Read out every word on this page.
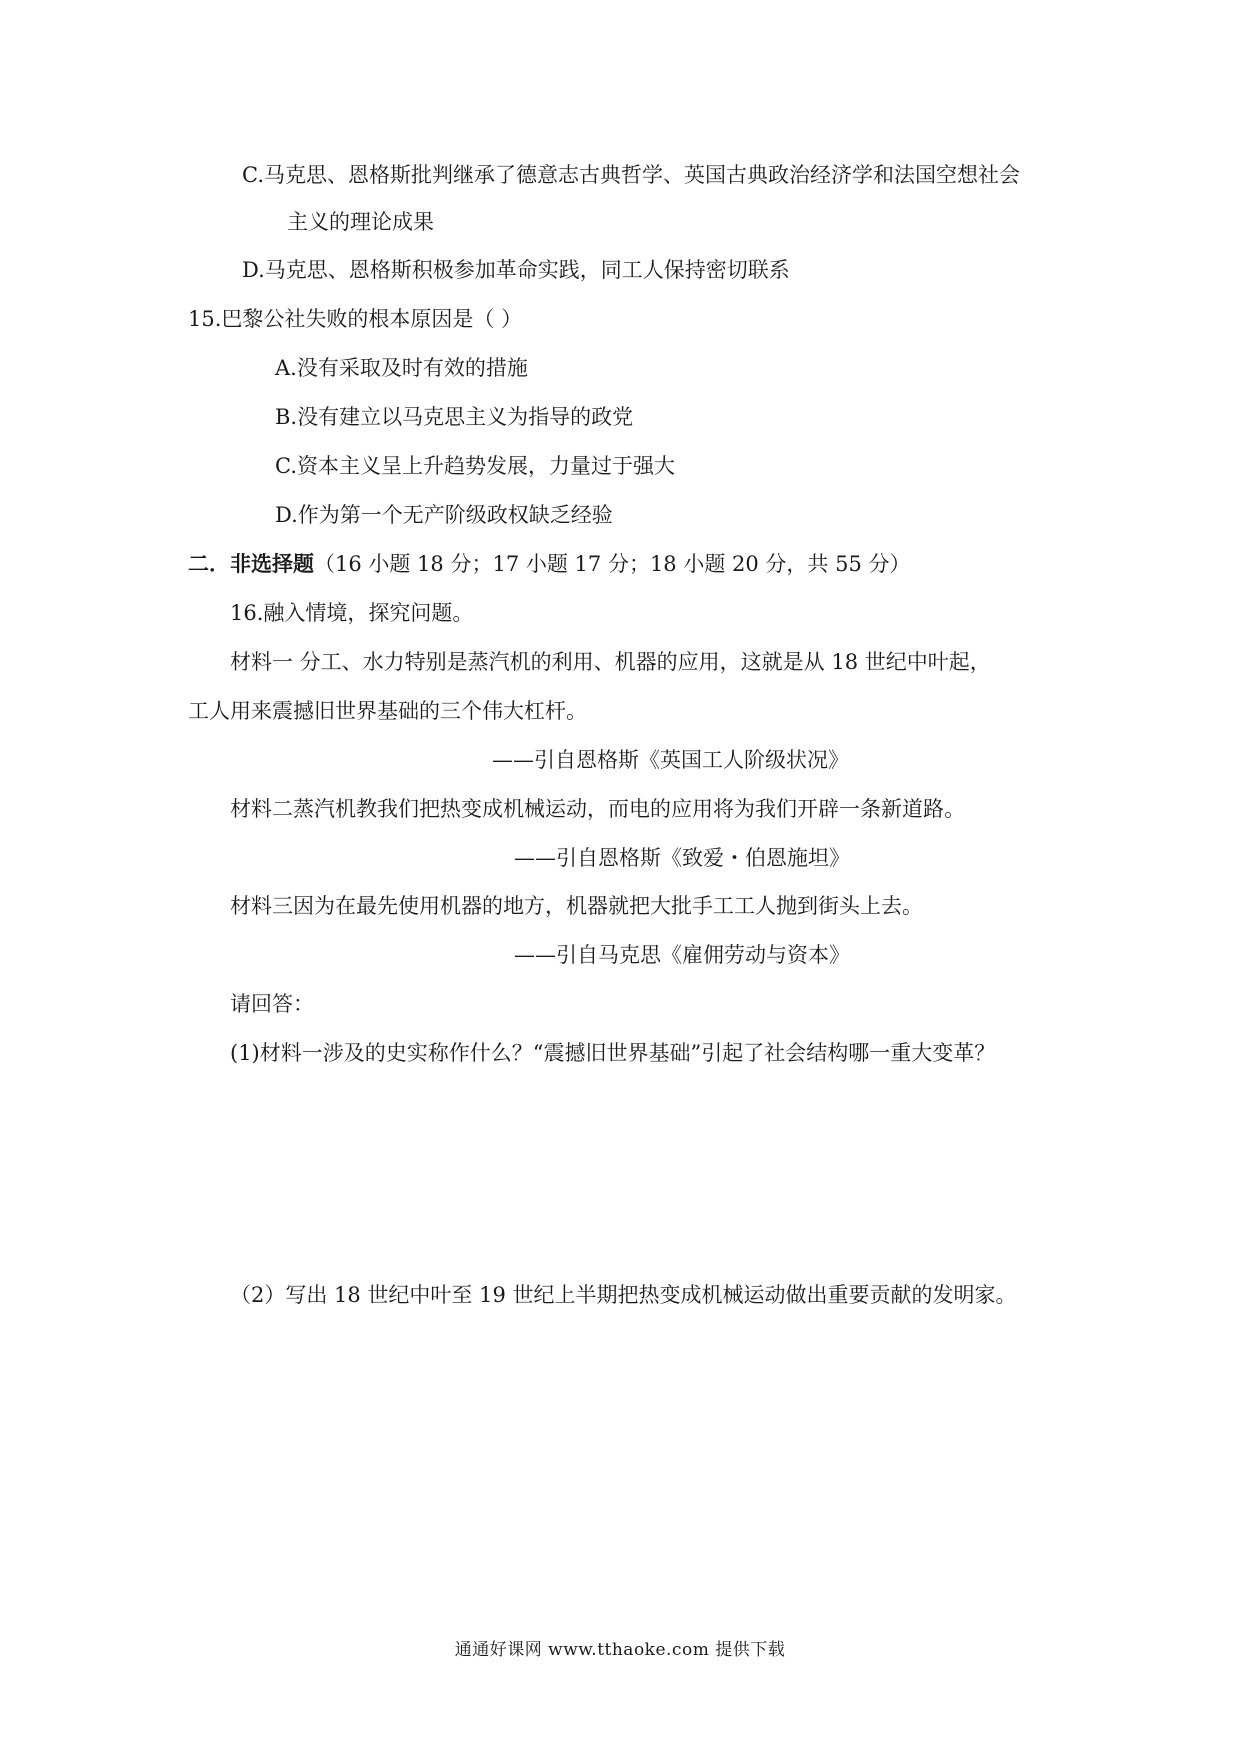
C.马克思、恩格斯批判继承了德意志古典哲学、英国古典政治经济学和法国空想社会
主义的理论成果
D.马克思、恩格斯积极参加革命实践，同工人保持密切联系
15.巴黎公社失败的根本原因是（ ）
A.没有采取及时有效的措施
B.没有建立以马克思主义为指导的政党
C.资本主义呈上升趋势发展，力量过于强大
D.作为第一个无产阶级政权缺乏经验
二．非选择题（16 小题 18 分；17 小题 17 分；18 小题 20 分，共 55 分）
16.融入情境，探究问题。
材料一 分工、水力特别是蒸汽机的利用、机器的应用，这就是从 18 世纪中叶起，
工人用来震撼旧世界基础的三个伟大杠杆。
——引自恩格斯《英国工人阶级状况》
材料二蒸汽机教我们把热变成机械运动，而电的应用将为我们开辟一条新道路。
——引自恩格斯《致爱・伯恩施坦》
材料三因为在最先使用机器的地方，机器就把大批手工工人抛到街头上去。
——引自马克思《雇佣劳动与资本》
请回答：
(1)材料一涉及的史实称作什么？“震撼旧世界基础”引起了社会结构哪一重大变革？
（2）写出 18 世纪中叶至 19 世纪上半期把热变成机械运动做出重要贡献的发明家。
通通好课网 www.tthaoke.com 提供下载
